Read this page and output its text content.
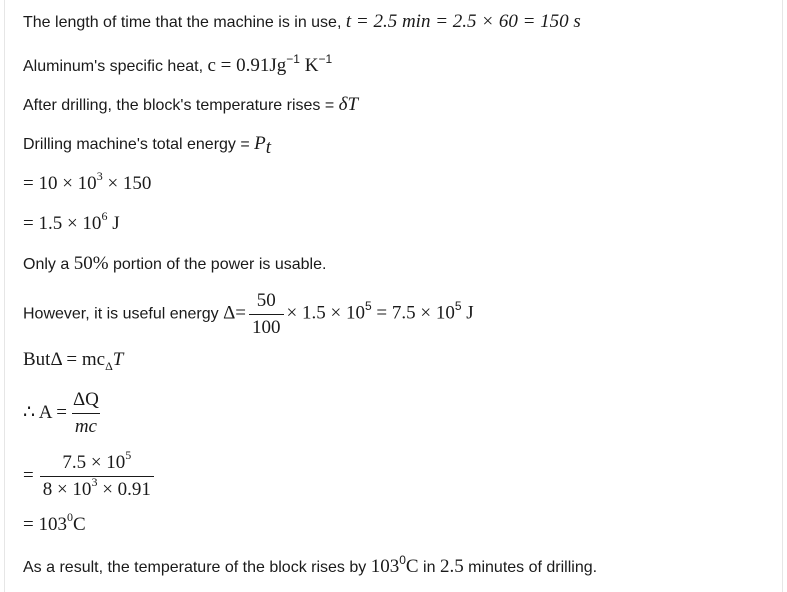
The length of time that the machine is in use, t = 2.5 min = 2.5 × 60 = 150 s
Aluminum's specific heat, $c = 0.91Jg^{-1}$ $K^{-1}$
After drilling, the block's temperature rises = δT
Drilling machine's total energy = $P_t$
= $10 \times 10^3 \times 150$
= $1.5 \times 10^6$ J
Only a 50% portion of the power is usable.
However, it is useful energy $\Delta= \frac{50}{100} \times 1.5 \times 10^5 = 7.5 \times 10^5$ J
$But\Delta = mc_\Delta T$
∴ $A = \frac{\Delta Q}{mc}$
= $\frac{7.5 \times 10^5}{8 \times 10^3 \times 0.91}$
= $103^0C$
As a result, the temperature of the block rises by $103^0C$ in 2.5 minutes of drilling.
